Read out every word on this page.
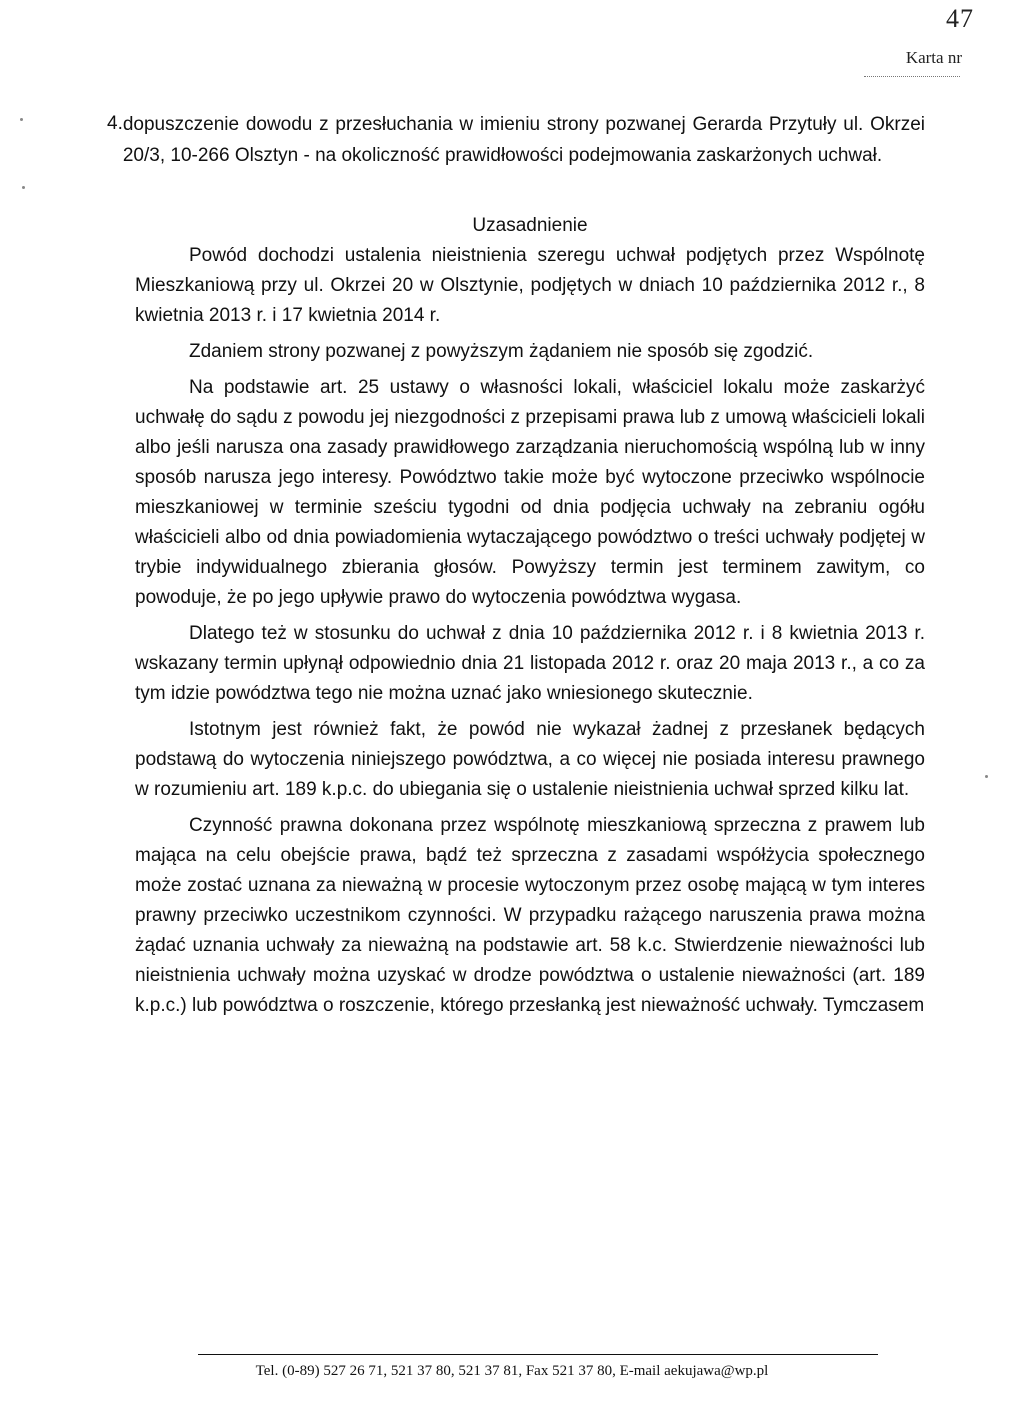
47
Karta nr
4. dopuszczenie dowodu z przesłuchania w imieniu strony pozwanej Gerarda Przytuły ul. Okrzei 20/3, 10-266 Olsztyn - na okoliczność prawidłowości podejmowania zaskarżonych uchwał.
Uzasadnienie

Powód dochodzi ustalenia nieistnienia szeregu uchwał podjętych przez Wspólnotę Mieszkaniową przy ul. Okrzei 20 w Olsztynie, podjętych w dniach 10 października 2012 r., 8 kwietnia 2013 r. i 17 kwietnia 2014 r.

Zdaniem strony pozwanej z powyższym żądaniem nie sposób się zgodzić.

Na podstawie art. 25 ustawy o własności lokali, właściciel lokalu może zaskarżyć uchwałę do sądu z powodu jej niezgodności z przepisami prawa lub z umową właścicieli lokali albo jeśli narusza ona zasady prawidłowego zarządzania nieruchomością wspólną lub w inny sposób narusza jego interesy. Powództwo takie może być wytoczone przeciwko wspólnocie mieszkaniowej w terminie sześciu tygodni od dnia podjęcia uchwały na zebraniu ogółu właścicieli albo od dnia powiadomienia wytaczającego powództwo o treści uchwały podjętej w trybie indywidualnego zbierania głosów. Powyższy termin jest terminem zawitym, co powoduje, że po jego upływie prawo do wytoczenia powództwa wygasa.

Dlatego też w stosunku do uchwał z dnia 10 października 2012 r. i 8 kwietnia 2013 r. wskazany termin upłynął odpowiednio dnia 21 listopada 2012 r. oraz 20 maja 2013 r., a co za tym idzie powództwa tego nie można uznać jako wniesionego skutecznie.

Istotnym jest również fakt, że powód nie wykazał żadnej z przesłanek będących podstawą do wytoczenia niniejszego powództwa, a co więcej nie posiada interesu prawnego w rozumieniu art. 189 k.p.c. do ubiegania się o ustalenie nieistnienia uchwał sprzed kilku lat.

Czynność prawna dokonana przez wspólnotę mieszkaniową sprzeczna z prawem lub mająca na celu obejście prawa, bądź też sprzeczna z zasadami współżycia społecznego może zostać uznana za nieważną w procesie wytoczonym przez osobę mającą w tym interes prawny przeciwko uczestnikom czynności. W przypadku rażącego naruszenia prawa można żądać uznania uchwały za nieważną na podstawie art. 58 k.c. Stwierdzenie nieważności lub nieistnienia uchwały można uzyskać w drodze powództwa o ustalenie nieważności (art. 189 k.p.c.) lub powództwa o roszczenie, którego przesłanką jest nieważność uchwały. Tymczasem

Tel. (0-89) 527 26 71, 521 37 80, 521 37 81, Fax 521 37 80, E-mail aekujawa@wp.pl
